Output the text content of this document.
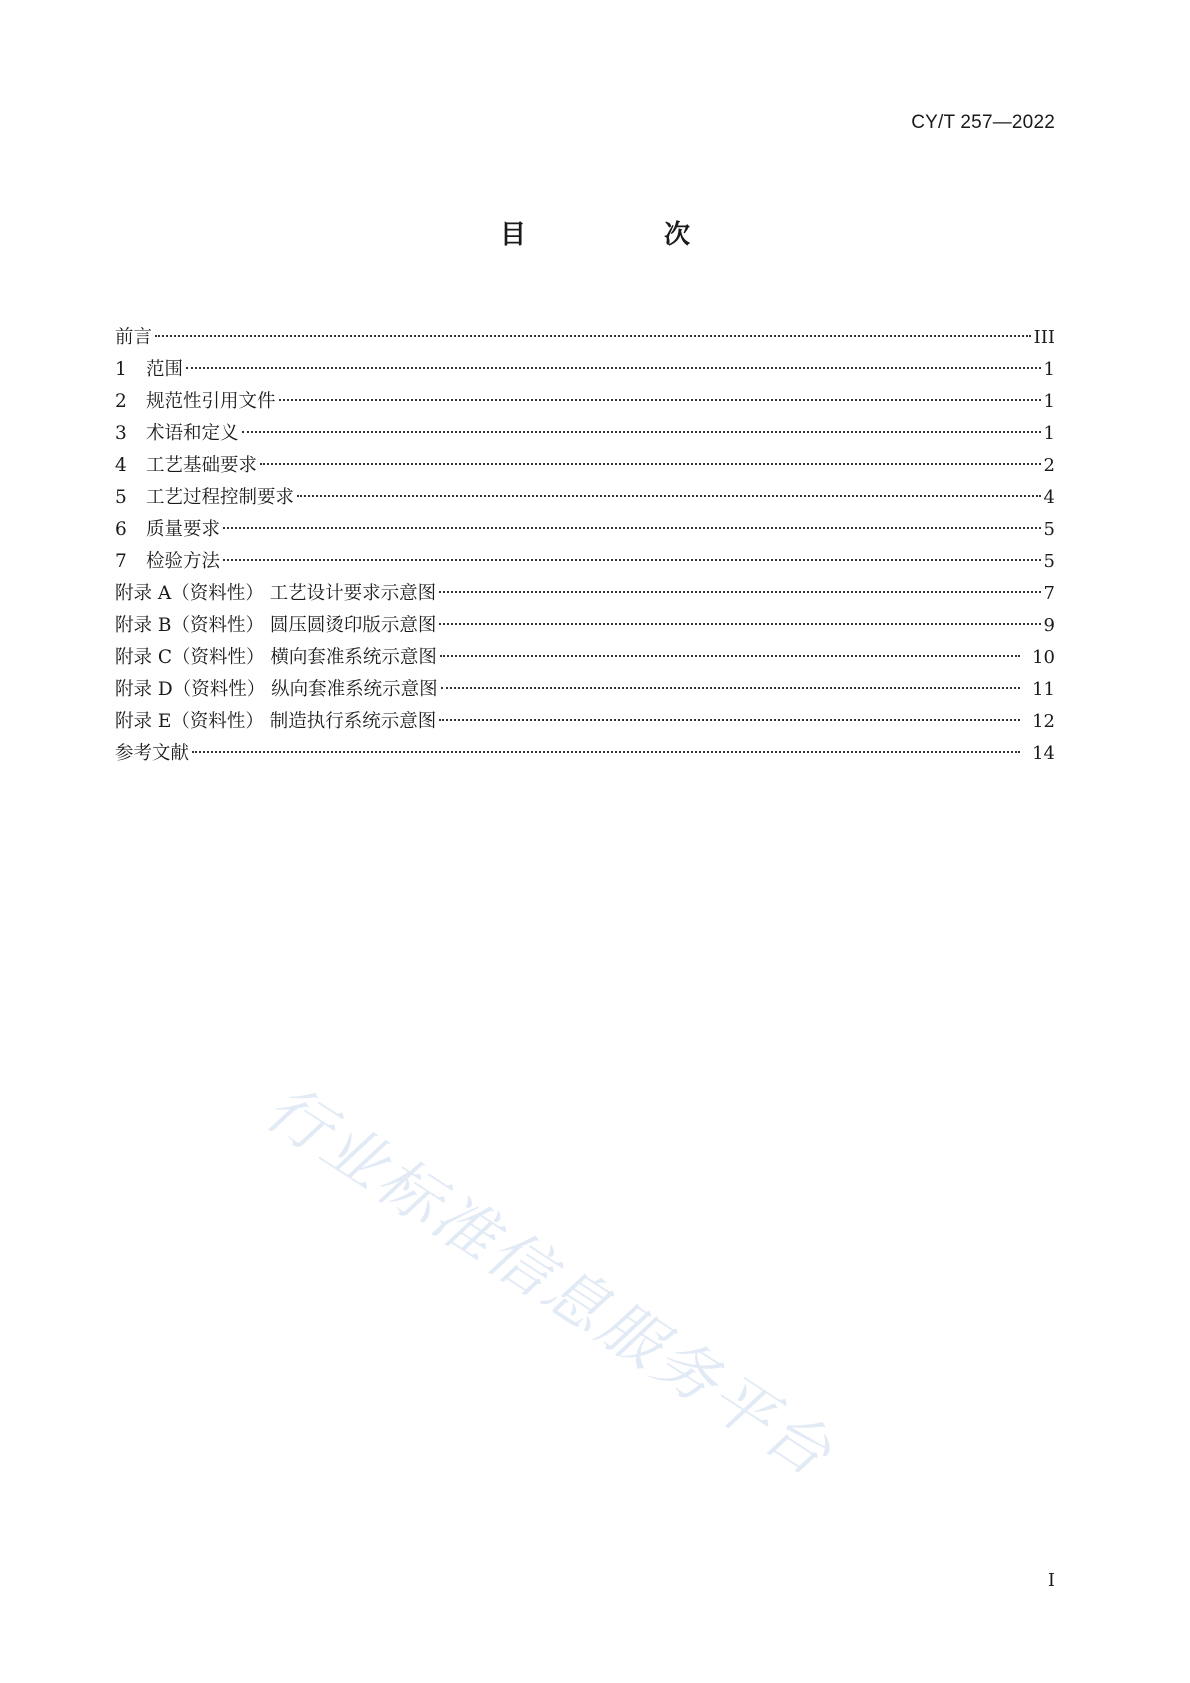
CY/T 257—2022
目　次
前言	III
1	范围	1
2	规范性引用文件	1
3	术语和定义	1
4	工艺基础要求	2
5	工艺过程控制要求	4
6	质量要求	5
7	检验方法	5
附录 A（资料性） 工艺设计要求示意图	7
附录 B（资料性） 圆压圆烫印版示意图	9
附录 C（资料性） 横向套准系统示意图	10
附录 D（资料性） 纵向套准系统示意图	11
附录 E（资料性） 制造执行系统示意图	12
参考文献	14
行业标准信息服务平台
I
